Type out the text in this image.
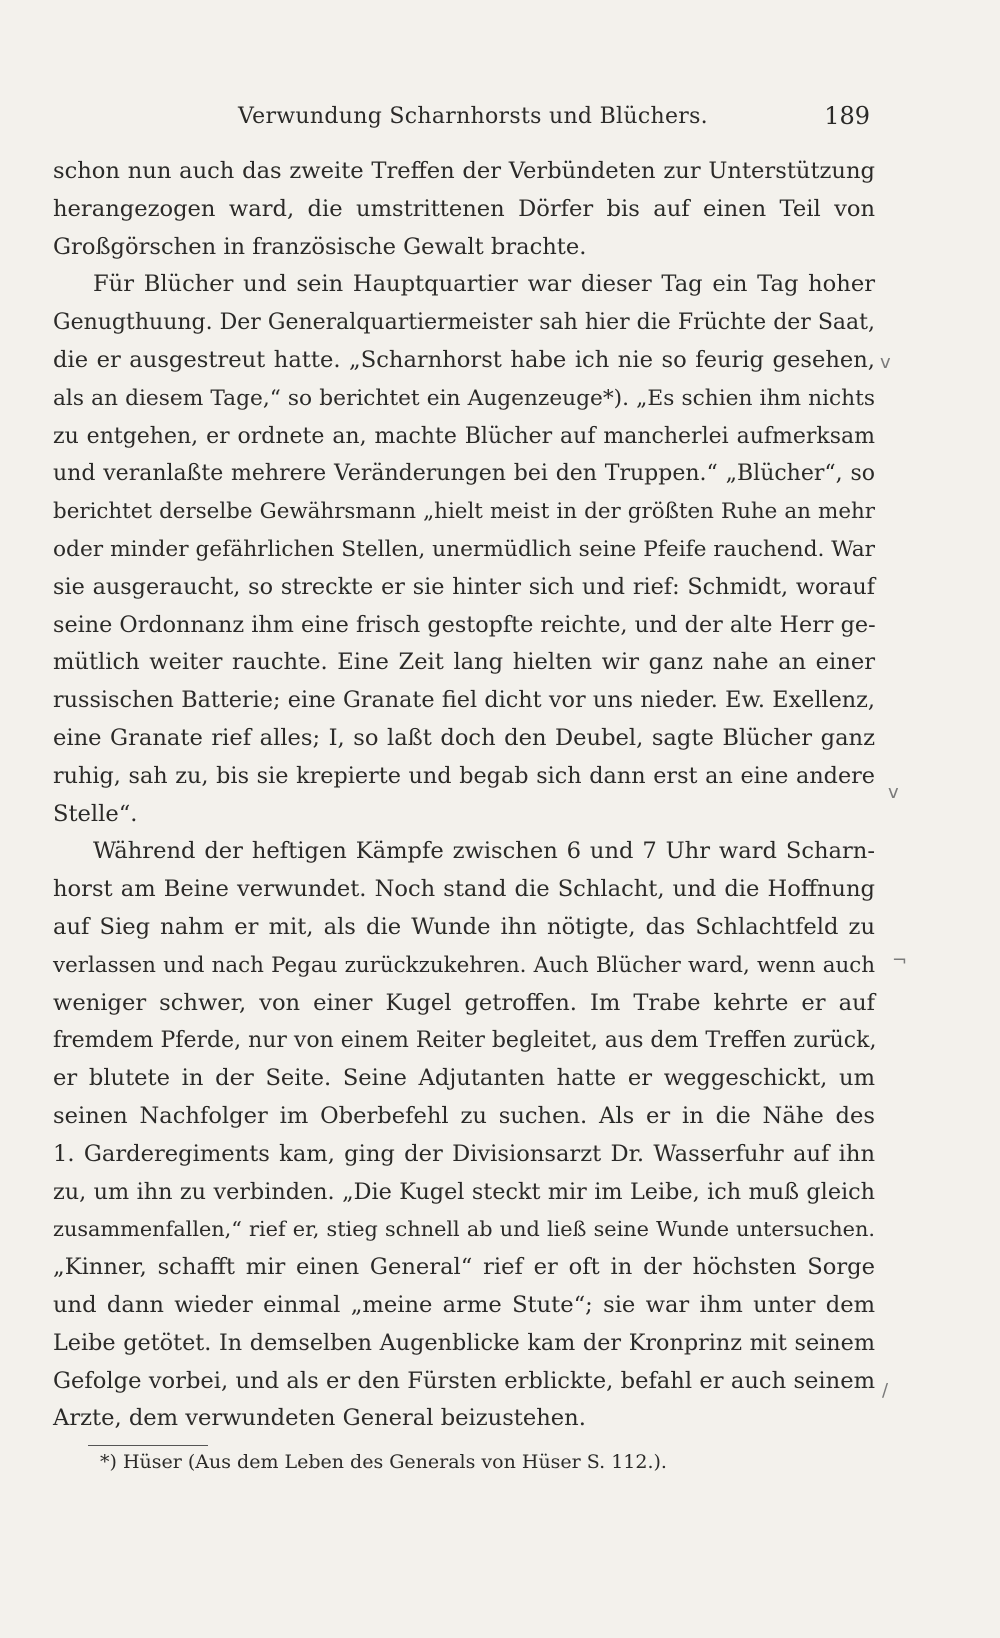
Verwundung Scharnhorsts und Blüchers.	189
schon nun auch das zweite Treffen der Verbündeten zur Unterstützung
herangezogen ward, die umstrittenen Dörfer bis auf einen Teil von
Großgörschen in französische Gewalt brachte.
Für Blücher und sein Hauptquartier war dieser Tag ein Tag hoher
Genugthuung. Der Generalquartiermeister sah hier die Früchte der Saat,
die er ausgestreut hatte. „Scharnhorst habe ich nie so feurig gesehen,
als an diesem Tage,“ so berichtet ein Augenzeuge*). „Es schien ihm nichts
zu entgehen, er ordnete an, machte Blücher auf mancherlei aufmerksam
und veranlaßte mehrere Veränderungen bei den Truppen.“ „Blücher“, so
berichtet derselbe Gewährsmann „hielt meist in der größten Ruhe an mehr
oder minder gefährlichen Stellen, unermüdlich seine Pfeife rauchend. War
sie ausgeraucht, so streckte er sie hinter sich und rief: Schmidt, worauf
seine Ordonnanz ihm eine frisch gestopfte reichte, und der alte Herr ge-
mütlich weiter rauchte. Eine Zeit lang hielten wir ganz nahe an einer
russischen Batterie; eine Granate fiel dicht vor uns nieder. Ew. Exellenz,
eine Granate rief alles; I, so laßt doch den Deubel, sagte Blücher ganz
ruhig, sah zu, bis sie krepierte und begab sich dann erst an eine andere
Stelle“.
Während der heftigen Kämpfe zwischen 6 und 7 Uhr ward Scharn-
horst am Beine verwundet. Noch stand die Schlacht, und die Hoffnung
auf Sieg nahm er mit, als die Wunde ihn nötigte, das Schlachtfeld zu
verlassen und nach Pegau zurückzukehren. Auch Blücher ward, wenn auch
weniger schwer, von einer Kugel getroffen. Im Trabe kehrte er auf
fremdem Pferde, nur von einem Reiter begleitet, aus dem Treffen zurück,
er blutete in der Seite. Seine Adjutanten hatte er weggeschickt, um
seinen Nachfolger im Oberbefehl zu suchen. Als er in die Nähe des
1. Garderegiments kam, ging der Divisionsarzt Dr. Wasserfuhr auf ihn
zu, um ihn zu verbinden. „Die Kugel steckt mir im Leibe, ich muß gleich
zusammenfallen,“ rief er, stieg schnell ab und ließ seine Wunde untersuchen.
„Kinner, schafft mir einen General“ rief er oft in der höchsten Sorge
und dann wieder einmal „meine arme Stute“; sie war ihm unter dem
Leibe getötet. In demselben Augenblicke kam der Kronprinz mit seinem
Gefolge vorbei, und als er den Fürsten erblickte, befahl er auch seinem
Arzte, dem verwundeten General beizustehen.
*) Hüser (Aus dem Leben des Generals von Hüser S. 112.).
v
v
¬
/
